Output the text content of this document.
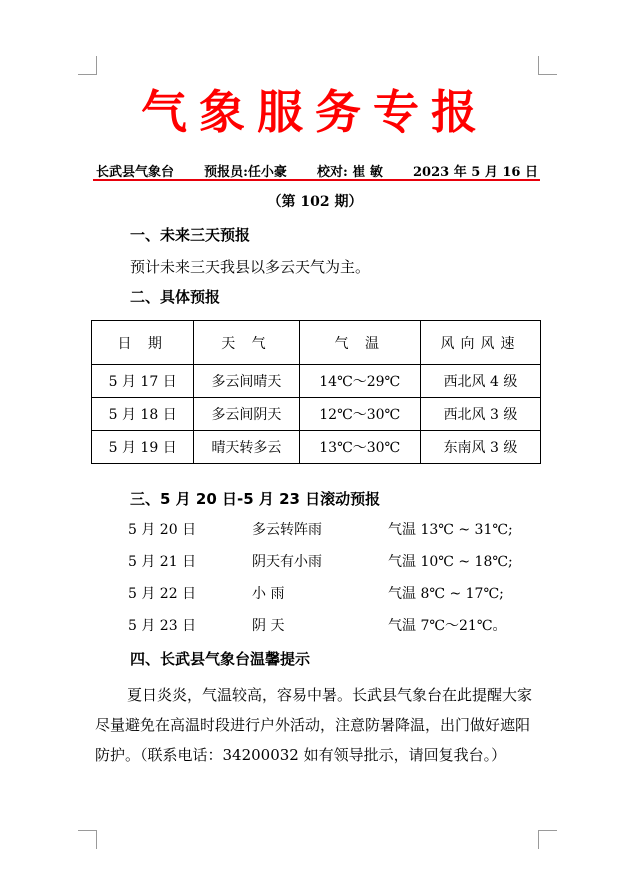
气象服务专报
长武县气象台 预报员:任小豪 校对: 崔 敏 2023 年 5 月 16 日
（第 102 期）
一、未来三天预报
预计未来三天我县以多云天气为主。
二、具体预报
日 期	天 气	气 温	风向风速
5 月 17 日	多云间晴天	14℃～29℃	西北风 4 级
5 月 18 日	多云间阴天	12℃～30℃	西北风 3 级
5 月 19 日	晴天转多云	13℃～30℃	东南风 3 级
三、5 月 20 日-5 月 23 日滚动预报
5 月 20 日	多云转阵雨	气温 13℃ ~ 31℃;
5 月 21 日	阴天有小雨	气温 10℃ ~ 18℃;
5 月 22 日	小 雨	气温 8℃ ~ 17℃;
5 月 23 日	阴 天	气温 7℃～21℃。
四、长武县气象台温馨提示
夏日炎炎，气温较高，容易中暑。长武县气象台在此提醒大家尽量避免在高温时段进行户外活动，注意防暑降温，出门做好遮阳防护。（联系电话：34200032 如有领导批示，请回复我台。）
